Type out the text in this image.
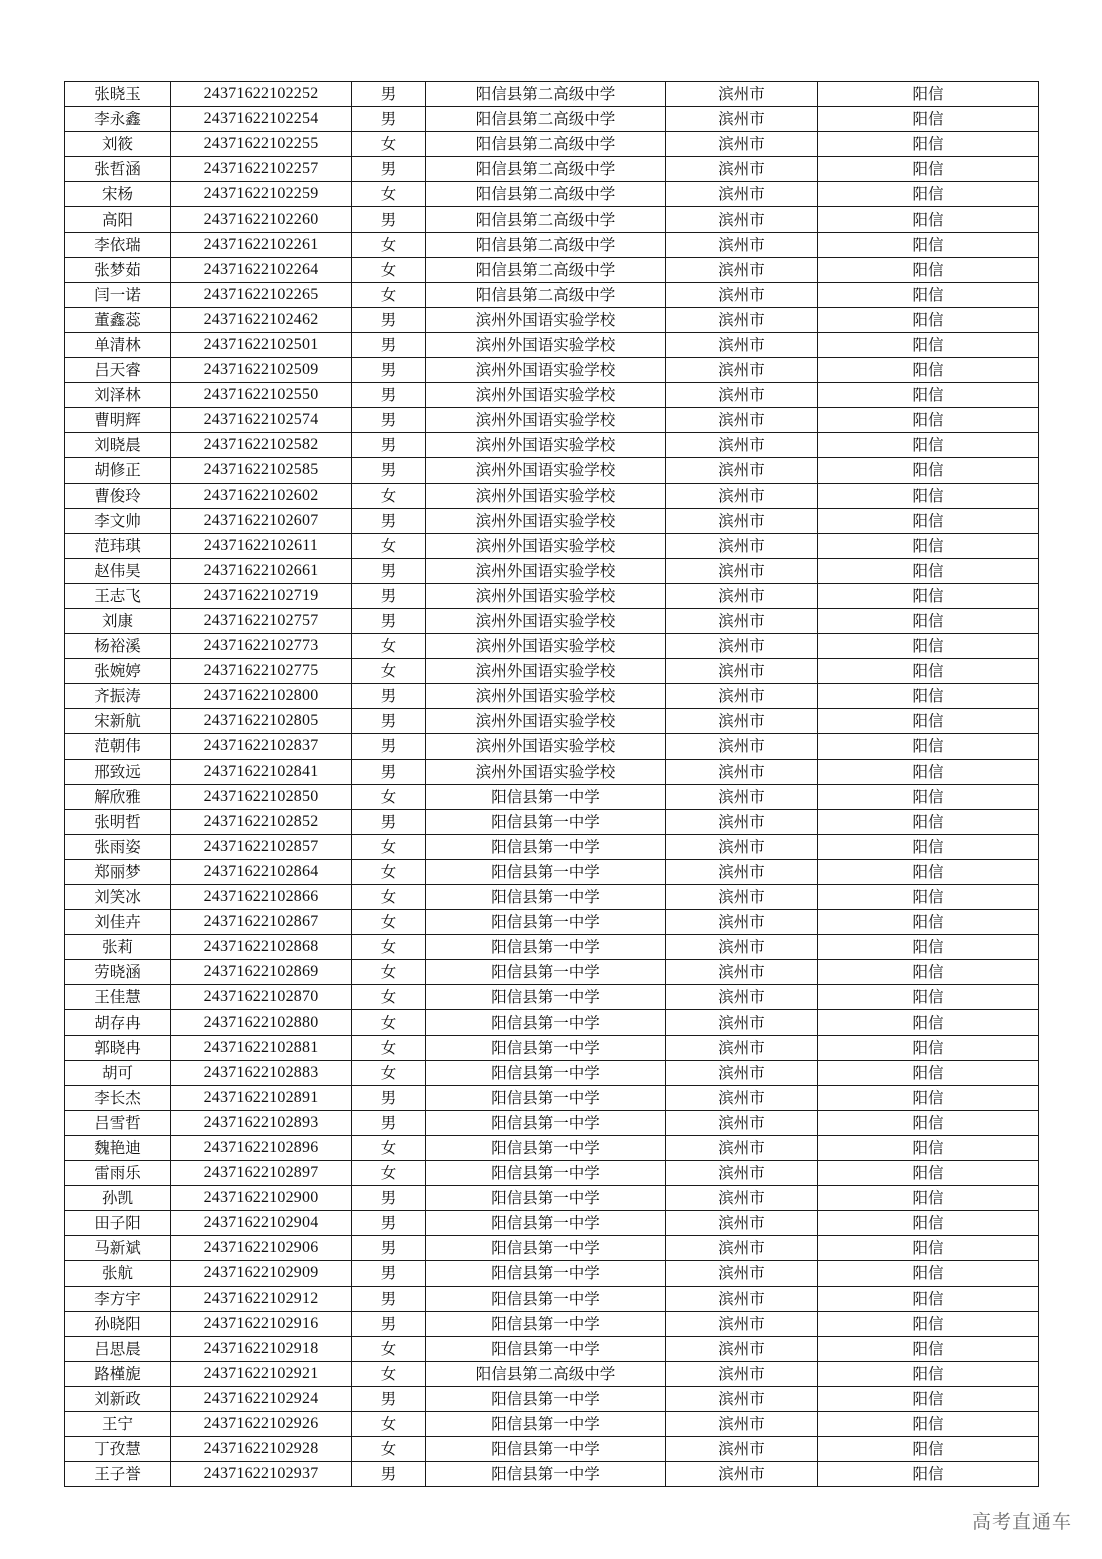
张晓玉	24371622102252	男	阳信县第二高级中学	滨州市	阳信
李永鑫	24371622102254	男	阳信县第二高级中学	滨州市	阳信
刘筱	24371622102255	女	阳信县第二高级中学	滨州市	阳信
张哲涵	24371622102257	男	阳信县第二高级中学	滨州市	阳信
宋杨	24371622102259	女	阳信县第二高级中学	滨州市	阳信
高阳	24371622102260	男	阳信县第二高级中学	滨州市	阳信
李依瑞	24371622102261	女	阳信县第二高级中学	滨州市	阳信
张梦茹	24371622102264	女	阳信县第二高级中学	滨州市	阳信
闫一诺	24371622102265	女	阳信县第二高级中学	滨州市	阳信
董鑫蕊	24371622102462	男	滨州外国语实验学校	滨州市	阳信
单清林	24371622102501	男	滨州外国语实验学校	滨州市	阳信
吕天睿	24371622102509	男	滨州外国语实验学校	滨州市	阳信
刘泽林	24371622102550	男	滨州外国语实验学校	滨州市	阳信
曹明辉	24371622102574	男	滨州外国语实验学校	滨州市	阳信
刘晓晨	24371622102582	男	滨州外国语实验学校	滨州市	阳信
胡修正	24371622102585	男	滨州外国语实验学校	滨州市	阳信
曹俊玲	24371622102602	女	滨州外国语实验学校	滨州市	阳信
李文帅	24371622102607	男	滨州外国语实验学校	滨州市	阳信
范玮琪	24371622102611	女	滨州外国语实验学校	滨州市	阳信
赵伟昊	24371622102661	男	滨州外国语实验学校	滨州市	阳信
王志飞	24371622102719	男	滨州外国语实验学校	滨州市	阳信
刘康	24371622102757	男	滨州外国语实验学校	滨州市	阳信
杨裕溪	24371622102773	女	滨州外国语实验学校	滨州市	阳信
张婉婷	24371622102775	女	滨州外国语实验学校	滨州市	阳信
齐振涛	24371622102800	男	滨州外国语实验学校	滨州市	阳信
宋新航	24371622102805	男	滨州外国语实验学校	滨州市	阳信
范朝伟	24371622102837	男	滨州外国语实验学校	滨州市	阳信
邢致远	24371622102841	男	滨州外国语实验学校	滨州市	阳信
解欣雅	24371622102850	女	阳信县第一中学	滨州市	阳信
张明哲	24371622102852	男	阳信县第一中学	滨州市	阳信
张雨姿	24371622102857	女	阳信县第一中学	滨州市	阳信
郑丽梦	24371622102864	女	阳信县第一中学	滨州市	阳信
刘笑冰	24371622102866	女	阳信县第一中学	滨州市	阳信
刘佳卉	24371622102867	女	阳信县第一中学	滨州市	阳信
张莉	24371622102868	女	阳信县第一中学	滨州市	阳信
劳晓涵	24371622102869	女	阳信县第一中学	滨州市	阳信
王佳慧	24371622102870	女	阳信县第一中学	滨州市	阳信
胡存冉	24371622102880	女	阳信县第一中学	滨州市	阳信
郭晓冉	24371622102881	女	阳信县第一中学	滨州市	阳信
胡可	24371622102883	女	阳信县第一中学	滨州市	阳信
李长杰	24371622102891	男	阳信县第一中学	滨州市	阳信
吕雪哲	24371622102893	男	阳信县第一中学	滨州市	阳信
魏艳迪	24371622102896	女	阳信县第一中学	滨州市	阳信
雷雨乐	24371622102897	女	阳信县第一中学	滨州市	阳信
孙凯	24371622102900	男	阳信县第一中学	滨州市	阳信
田子阳	24371622102904	男	阳信县第一中学	滨州市	阳信
马新斌	24371622102906	男	阳信县第一中学	滨州市	阳信
张航	24371622102909	男	阳信县第一中学	滨州市	阳信
李方宇	24371622102912	男	阳信县第一中学	滨州市	阳信
孙晓阳	24371622102916	男	阳信县第一中学	滨州市	阳信
吕思晨	24371622102918	女	阳信县第一中学	滨州市	阳信
路槿旎	24371622102921	女	阳信县第二高级中学	滨州市	阳信
刘新政	24371622102924	男	阳信县第一中学	滨州市	阳信
王宁	24371622102926	女	阳信县第一中学	滨州市	阳信
丁孜慧	24371622102928	女	阳信县第一中学	滨州市	阳信
王子誉	24371622102937	男	阳信县第一中学	滨州市	阳信
高考直通车
